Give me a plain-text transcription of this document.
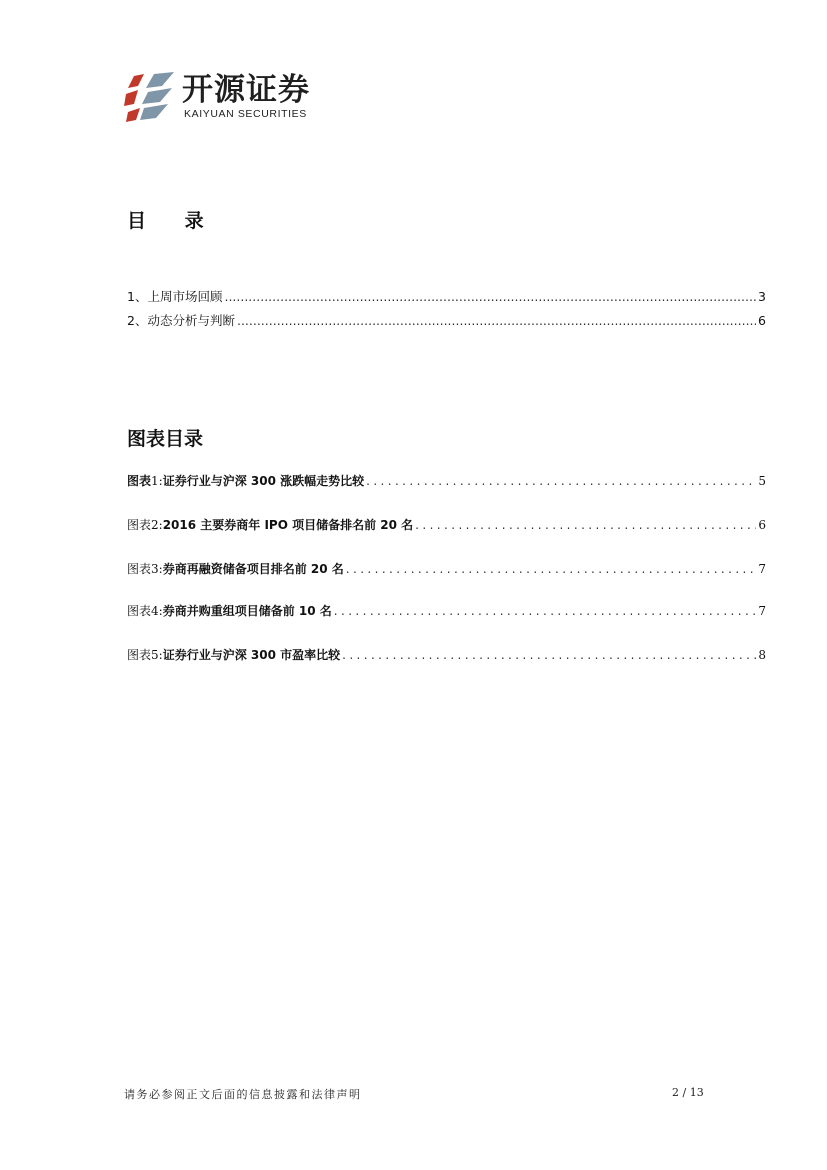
开源证券
KAIYUAN SECURITIES
目 录
1、上周市场回顾 .....	3
2、动态分析与判断 .....	6
图表目录
图表 1: 证券行业与沪深 300 涨跌幅走势比较 .....	5
图表 2: 2016 主要券商年 IPO 项目储备排名前 20 名 .....	6
图表 3: 券商再融资储备项目排名前 20 名 .....	7
图表 4: 券商并购重组项目储备前 10 名 .....	7
图表 5: 证券行业与沪深 300 市盈率比较 .....	8
请务必参阅正文后面的信息披露和法律声明	2 / 13
